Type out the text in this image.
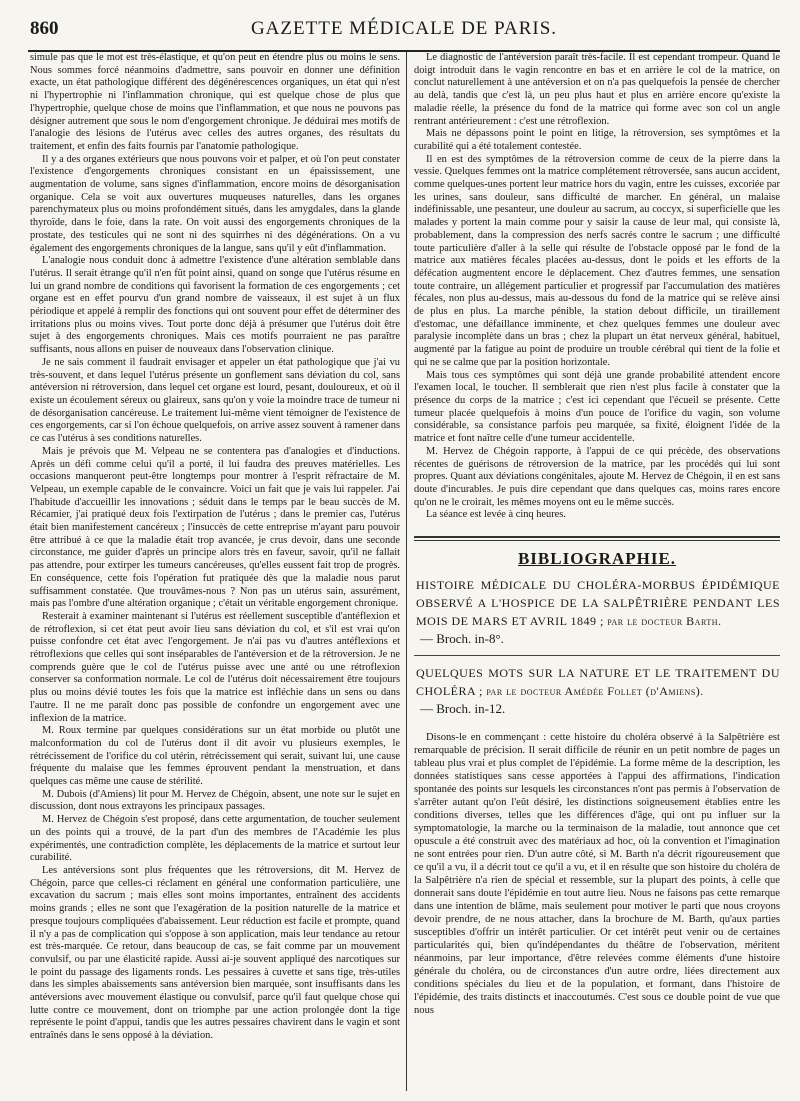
860	GAZETTE MÉDICALE DE PARIS.

simule pas que le mot est très-élastique, et qu'on peut en étendre plus ou moins le sens. Nous sommes forcé néanmoins d'admettre, sans pouvoir en donner une définition exacte, un état pathologique différent des dégénérescences organiques, un état qui n'est ni l'hypertrophie ni l'inflammation chronique, qui est quelque chose de plus que l'hypertrophie, quelque chose de moins que l'inflammation, et que nous ne pouvons pas désigner autrement que sous le nom d'engorgement chronique. Je déduirai mes motifs de l'analogie des lésions de l'utérus avec celles des autres organes, des résultats du traitement, et enfin des faits fournis par l'anatomie pathologique.

Il y a des organes extérieurs que nous pouvons voir et palper, et où l'on peut constater l'existence d'engorgements chroniques consistant en un épaississement, une augmentation de volume, sans signes d'inflammation, encore moins de désorganisation organique. Cela se voit aux ouvertures muqueuses naturelles, dans les organes parenchymateux plus ou moins profondément situés, dans les amygdales, dans la glande thyroïde, dans le foie, dans la rate. On voit aussi des engorgements chroniques de la prostate, des testicules qui ne sont ni des squirrhes ni des dégénérations. On a vu également des engorgements chroniques de la langue, sans qu'il y eût d'inflammation.

L'analogie nous conduit donc à admettre l'existence d'une altération semblable dans l'utérus. Il serait étrange qu'il n'en fût point ainsi, quand on songe que l'utérus résume en lui un grand nombre de conditions qui favorisent la formation de ces engorgements ; cet organe est en effet pourvu d'un grand nombre de vaisseaux, il est sujet à un flux périodique et appelé à remplir des fonctions qui ont souvent pour effet de déterminer des irritations plus ou moins vives. Tout porte donc déjà à présumer que l'utérus doit être sujet à des engorgements chroniques. Mais ces motifs pourraient ne pas paraître suffisants, nous allons en puiser de nouveaux dans l'observation clinique.

Je ne sais comment il faudrait envisager et appeler un état pathologique que j'ai vu très-souvent, et dans lequel l'utérus présente un gonflement sans déviation du col, sans antéversion ni rétroversion, dans lequel cet organe est lourd, pesant, douloureux, et où il existe un écoulement séreux ou glaireux, sans qu'on y voie la moindre trace de tumeur ni de désorganisation cancéreuse. Le traitement lui-même vient témoigner de l'existence de ces engorgements, car si l'on échoue quelquefois, on arrive assez souvent à ramener dans ce cas l'utérus à ses conditions naturelles.

Mais je prévois que M. Velpeau ne se contentera pas d'analogies et d'inductions. Après un défi comme celui qu'il a porté, il lui faudra des preuves matérielles. Les occasions manqueront peut-être longtemps pour montrer à l'esprit réfractaire de M. Velpeau, un exemple capable de le convaincre. Voici un fait que je vais lui rappeler. J'ai l'habitude d'accueillir les innovations ; séduit dans le temps par le beau succès de M. Récamier, j'ai pratiqué deux fois l'extirpation de l'utérus ; dans le premier cas, l'utérus était bien manifestement cancéreux ; l'insuccès de cette entreprise m'ayant paru pouvoir être attribué à ce que la maladie était trop avancée, je crus devoir, dans une seconde circonstance, me guider d'après un principe alors très en faveur, savoir, qu'il ne fallait pas attendre, pour extirper les tumeurs cancéreuses, qu'elles eussent fait trop de progrès. En conséquence, cette fois l'opération fut pratiquée dès que la maladie nous parut suffisamment constatée. Que trouvâmes-nous ? Non pas un utérus sain, assurément, mais pas l'ombre d'une altération organique ; c'était un véritable engorgement chronique.

Resterait à examiner maintenant si l'utérus est réellement susceptible d'antéflexion et de rétroflexion, si cet état peut avoir lieu sans déviation du col, et s'il est vrai qu'on puisse confondre cet état avec l'engorgement. Je n'ai pas vu d'autres antéflexions et rétroflexions que celles qui sont inséparables de l'antéversion et de la rétroversion. Je ne comprends guère que le col de l'utérus puisse avec une anté ou une rétroflexion conserver sa conformation normale. Le col de l'utérus doit nécessairement être toujours plus ou moins dévié toutes les fois que la matrice est infléchie dans un sens ou dans l'autre. Il ne me paraît donc pas possible de confondre un engorgement avec une inflexion de la matrice.

M. Roux termine par quelques considérations sur un état morbide ou plutôt une malconformation du col de l'utérus dont il dit avoir vu plusieurs exemples, le rétrécissement de l'orifice du col utérin, rétrécissement qui serait, suivant lui, une cause fréquente du malaise que les femmes éprouvent pendant la menstruation, et dans quelques cas même une cause de stérilité.

M. Dubois (d'Amiens) lit pour M. Hervez de Chégoin, absent, une note sur le sujet en discussion, dont nous extrayons les principaux passages.

M. Hervez de Chégoin s'est proposé, dans cette argumentation, de toucher seulement un des points qui a trouvé, de la part d'un des membres de l'Académie les plus expérimentés, une contradiction complète, les déplacements de la matrice et surtout leur curabilité.

Les antéversions sont plus fréquentes que les rétroversions, dit M. Hervez de Chégoin, parce que celles-ci réclament en général une conformation particulière, une excavation du sacrum ; mais elles sont moins importantes, entraînent des accidents moins grands ; elles ne sont que l'exagération de la position naturelle de la matrice et presque toujours compliquées d'abaissement. Leur réduction est facile et prompte, quand il n'y a pas de complication qui s'oppose à son application, mais leur tendance au retour est très-marquée. Ce retour, dans beaucoup de cas, se fait comme par un mouvement convulsif, ou par une élasticité rapide. Aussi ai-je souvent appliqué des narcotiques sur le point du passage des ligaments ronds. Les pessaires à cuvette et sans tige, très-utiles dans les simples abaissements sans antéversion bien marquée, sont insuffisants dans les antéversions avec mouvement élastique ou convulsif, parce qu'il faut quelque chose qui lutte contre ce mouvement, dont on triomphe par une action prolongée dont la tige représente le point d'appui, tandis que les autres pessaires chavirent dans le vagin et sont entraînés dans le sens opposé à la déviation.

Le diagnostic de l'antéversion paraît très-facile. Il est cependant trompeur. Quand le doigt introduit dans le vagin rencontre en bas et en arrière le col de la matrice, on conclut naturellement à une antéversion et on n'a pas quelquefois la pensée de chercher au delà, tandis que c'est là, un peu plus haut et plus en arrière encore qu'existe la maladie réelle, la présence du fond de la matrice qui forme avec son col un angle rentrant antérieurement : c'est une rétroflexion.

Mais ne dépassons point le point en litige, la rétroversion, ses symptômes et la curabilité qui a été totalement contestée.

Il en est des symptômes de la rétroversion comme de ceux de la pierre dans la vessie. Quelques femmes ont la matrice complétement rétroversée, sans aucun accident, comme quelques-unes portent leur matrice hors du vagin, entre les cuisses, excoriée par les urines, sans douleur, sans difficulté de marcher. En général, un malaise indéfinissable, une pesanteur, une douleur au sacrum, au coccyx, si superficielle que les malades y portent la main comme pour y saisir la cause de leur mal, qui consiste là, probablement, dans la compression des nerfs sacrés contre le sacrum ; une difficulté toute particulière d'aller à la selle qui résulte de l'obstacle opposé par le fond de la matrice aux matières fécales placées au-dessus, dont le poids et les efforts de la défécation augmentent encore le déplacement. Chez d'autres femmes, une sensation toute contraire, un allégement particulier et progressif par l'accumulation des matières fécales, non plus au-dessus, mais au-dessous du fond de la matrice qui se relève ainsi de plus en plus. La marche pénible, la station debout difficile, un tiraillement d'estomac, une défaillance imminente, et chez quelques femmes une douleur avec paralysie incomplète dans un bras ; chez la plupart un état nerveux général, habituel, augmenté par la fatigue au point de produire un trouble cérébral qui tient de la folie et qui ne se calme que par la position horizontale.

Mais tous ces symptômes qui sont déjà une grande probabilité attendent encore l'examen local, le toucher. Il semblerait que rien n'est plus facile à constater que la présence du corps de la matrice ; c'est ici cependant que l'écueil se présente. Cette tumeur placée quelquefois à moins d'un pouce de l'orifice du vagin, son volume considérable, sa consistance parfois peu marquée, sa fixité, éloignent l'idée de la matrice et font naître celle d'une tumeur accidentelle.

M. Hervez de Chégoin rapporte, à l'appui de ce qui précède, des observations récentes de guérisons de rétroversion de la matrice, par les procédés qui lui sont propres. Quant aux déviations congénitales, ajoute M. Hervez de Chégoin, il en est sans doute d'incurables. Je puis dire cependant que dans quelques cas, moins rares encore qu'on ne le croirait, les mêmes moyens ont eu le même succès.

La séance est levée à cinq heures.

BIBLIOGRAPHIE.
HISTOIRE MÉDICALE DU CHOLÉRA-MORBUS ÉPIDÉMIQUE OBSERVÉ A L'HOSPICE DE LA SALPÊTRIÈRE PENDANT LES MOIS DE MARS ET AVRIL 1849 ; par le docteur Barth.
— Broch. in-8°.
QUELQUES MOTS SUR LA NATURE ET LE TRAITEMENT DU CHOLÉRA ; par le docteur Amédée Follet (d'Amiens).
— Broch. in-12.

Disons-le en commençant : cette histoire du choléra observé à la Salpêtrière est remarquable de précision. Il serait difficile de réunir en un petit nombre de pages un tableau plus vrai et plus complet de l'épidémie. La forme même de la description, les données statistiques sans cesse apportées à l'appui des affirmations, l'indication spontanée des points sur lesquels les circonstances n'ont pas permis à l'observation de s'arrêter autant qu'on l'eût désiré, les distinctions soigneusement établies entre les conditions diverses, telles que les différences d'âge, qui ont pu influer sur la symptomatologie, la marche ou la terminaison de la maladie, tout annonce que cet opuscule a été construit avec des matériaux ad hoc, où la convention et l'imagination ne sont entrées pour rien. D'un autre côté, si M. Barth n'a décrit rigoureusement que ce qu'il a vu, il a décrit tout ce qu'il a vu, et il en résulte que son histoire du choléra de la Salpêtrière n'a rien de spécial et ressemble, sur la plupart des points, à celle que donnerait sans doute l'épidémie en tout autre lieu. Nous ne faisons pas cette remarque dans une intention de blâme, mais seulement pour motiver le parti que nous croyons devoir prendre, de ne nous attacher, dans la brochure de M. Barth, qu'aux parties susceptibles d'offrir un intérêt particulier. Or cet intérêt peut venir ou de certaines particularités qui, bien qu'indépendantes du théâtre de l'observation, méritent néanmoins, par leur importance, d'être relevées comme éléments d'une histoire générale du choléra, ou de circonstances d'un autre ordre, liées directement aux conditions spéciales du lieu et de la population, et formant, dans l'histoire de l'épidémie, des traits distincts et inaccoutumés. C'est sous ce double point de vue que nous
